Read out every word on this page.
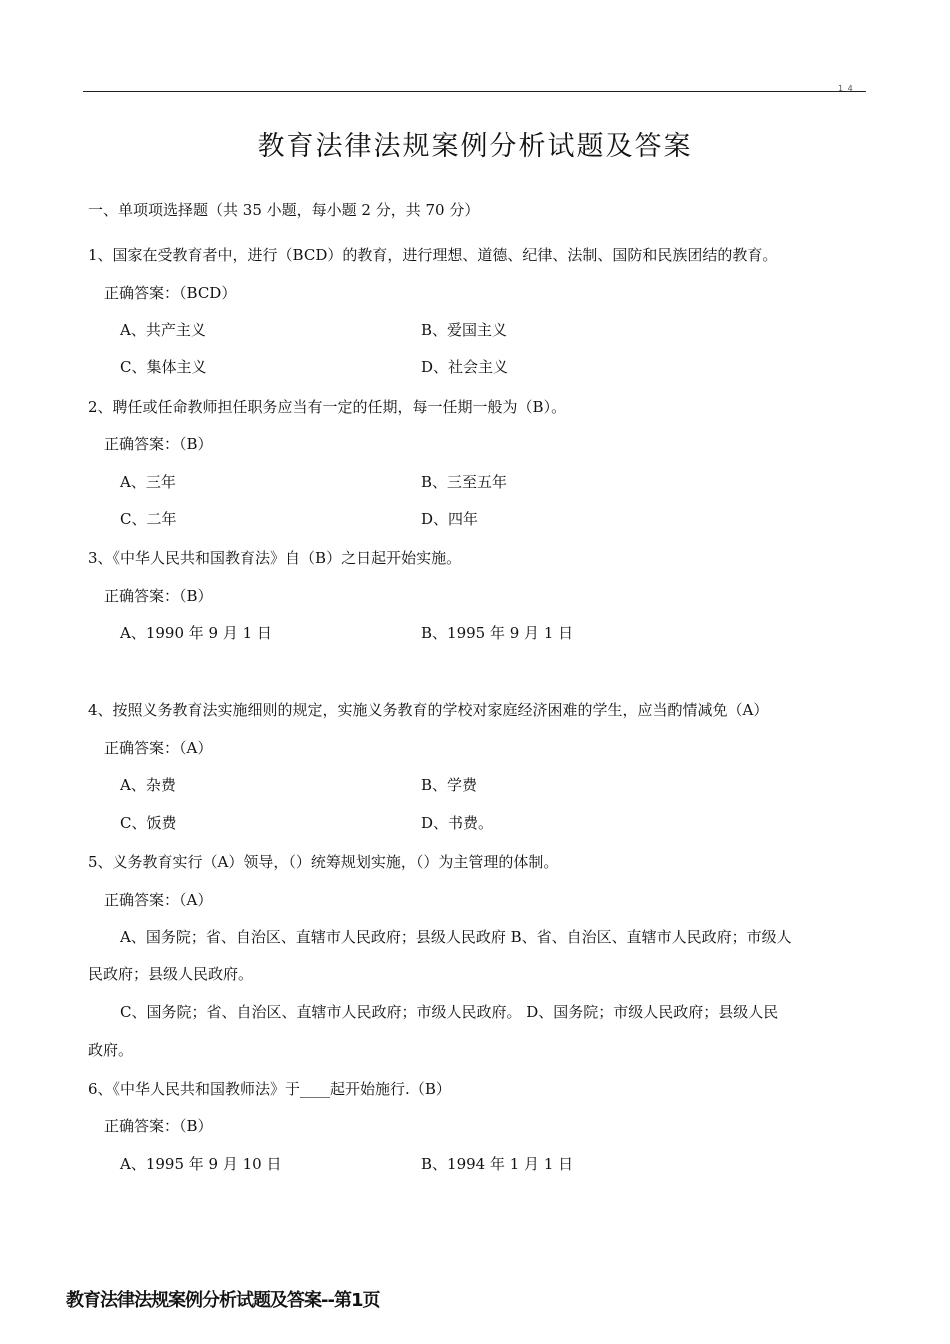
1 4
教育法律法规案例分析试题及答案
一、单项项选择题（共 35 小题，每小题 2 分，共 70 分）
1、国家在受教育者中，进行（BCD）的教育，进行理想、道德、纪律、法制、国防和民族团结的教育。
正确答案：（BCD）
A、共产主义	B、爱国主义
C、集体主义	D、社会主义
2、聘任或任命教师担任职务应当有一定的任期，每一任期一般为（B）。
正确答案：（B）
A、三年	B、三至五年
C、二年	D、四年
3、《中华人民共和国教育法》自（B）之日起开始实施。
正确答案：（B）
A、1990 年 9 月 1 日	B、1995 年 9 月 1 日
4、按照义务教育法实施细则的规定，实施义务教育的学校对家庭经济困难的学生，应当酌情减免（A）
正确答案：（A）
A、杂费	B、学费
C、饭费	D、书费。
5、义务教育实行（A）领导，（）统筹规划实施，（）为主管理的体制。
正确答案：（A）
A、国务院；省、自治区、直辖市人民政府；县级人民政府 B、省、自治区、直辖市人民政府；市级人
民政府；县级人民政府。
C、国务院；省、自治区、直辖市人民政府；市级人民政府。 D、国务院；市级人民政府；县级人民
政府。
6、《中华人民共和国教师法》于____起开始施行.（B）
正确答案：（B）
A、1995 年 9 月 10 日	B、1994 年 1 月 1 日
教育法律法规案例分析试题及答案--第1页
